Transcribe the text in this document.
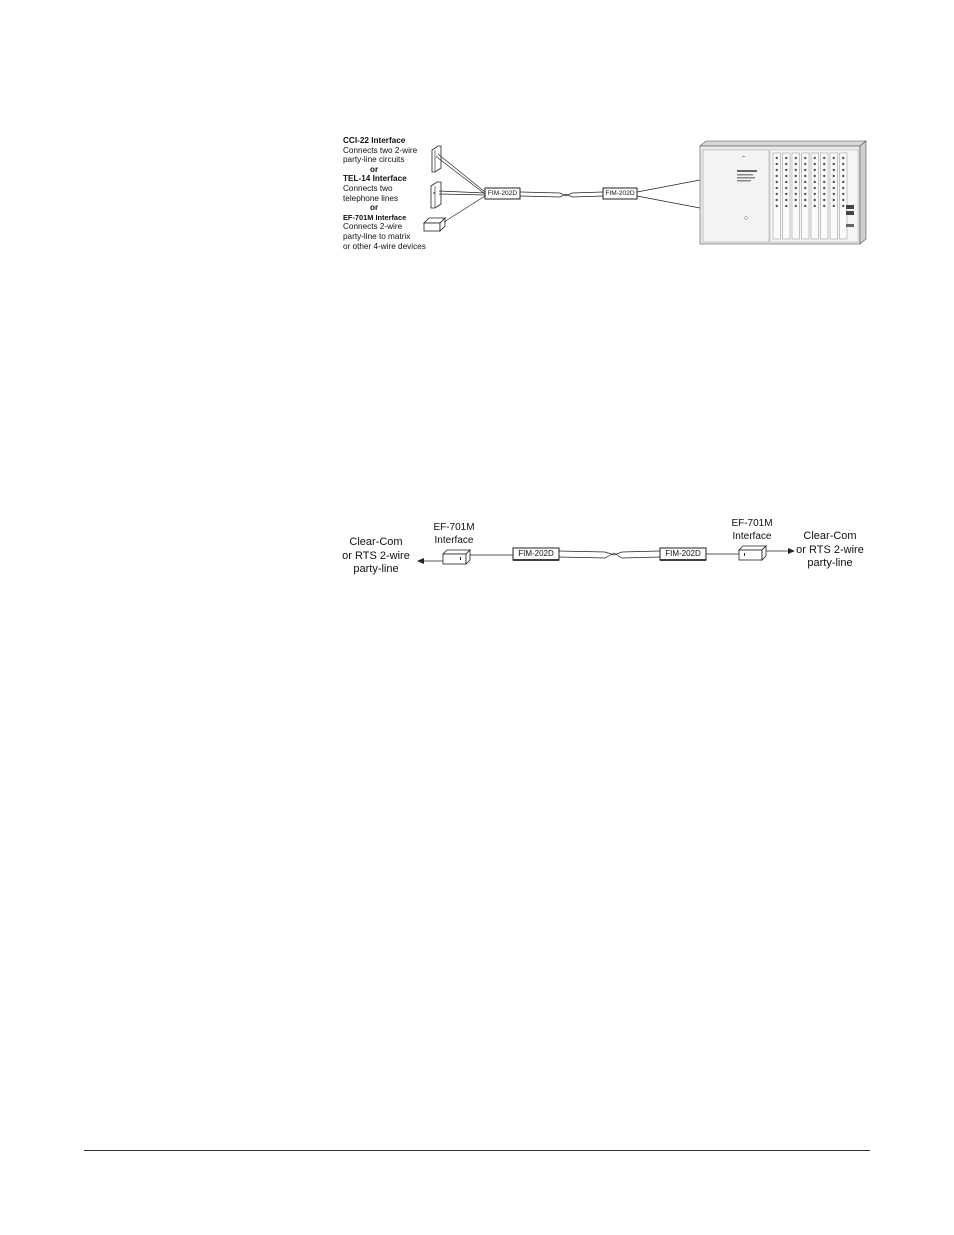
CCI-22 Interface
Connects two 2-wire
party-line circuits
or
TEL-14 Interface
Connects two
telephone lines
or
EF-701M Interface
Connects 2-wire
party-line to matrix
or other 4-wire devices
FIM-202D	FIM-202D
Clear-Com
or RTS 2-wire
party-line
EF-701M
Interface
FIM-202D	FIM-202D
EF-701M
Interface	Clear-Com
or RTS 2-wire
party-line
